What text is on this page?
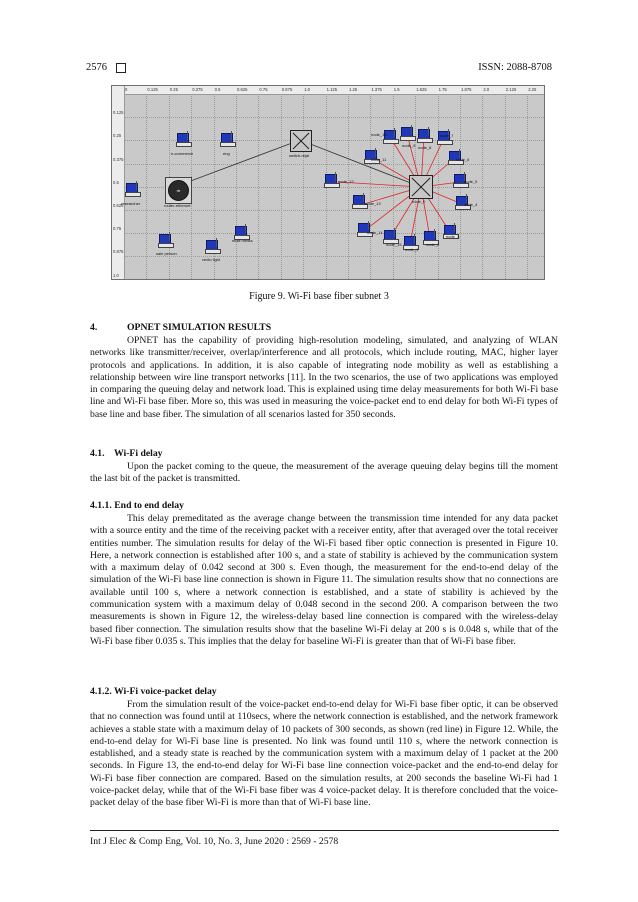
2576	ISSN: 2088-8708
0	0.125	0.25	0.375	0.5	0.625	0.75	0.875	1.0	1.125	1.25	1.375	1.5	1.625	1.75	1.875	2.0	2.125	2.25
0.125
0.25
0.375
0.5
0.625
0.75
0.875
1.0
e-commerce	eng
researcher
rtr
router-ethernet
sale person
vedio light
multi media
switch-rejal
node_0
node_10
node_9 node_8
node_7
node_11	node_6
node_12	node_5
node_13	node_4
node_14
node_3
node_15	node_2
node_1
Figure 9. Wi-Fi base fiber subnet 3
4.	OPNET SIMULATION RESULTS

OPNET has the capability of providing high-resolution modeling, simulated, and analyzing of WLAN networks like transmitter/receiver, overlap/interference and all protocols, which include routing, MAC, higher layer protocols and applications. In addition, it is also capable of integrating node mobility as well as establishing a relationship between wire line transport networks [11]. In the two scenarios, the use of two applications was employed in comparing the queuing delay and network load. This is explained using time delay measurements for both Wi-Fi base line and Wi-Fi base fiber. More so, this was used in measuring the voice-packet end to end delay for both Wi-Fi types of base line and base fiber. The simulation of all scenarios lasted for 350 seconds.

4.1. Wi-Fi delay

Upon the packet coming to the queue, the measurement of the average queuing delay begins till the moment the last bit of the packet is transmitted.

4.1.1. End to end delay

This delay premeditated as the average change between the transmission time intended for any data packet with a source entity and the time of the receiving packet with a receiver entity, after that averaged over the total receiver entities number. The simulation results for delay of the Wi-Fi based fiber optic connection is presented in Figure 10. Here, a network connection is established after 100 s, and a state of stability is achieved by the communication system with a maximum delay of 0.042 second at 300 s. Even though, the measurement for the end-to-end delay of the simulation of the Wi-Fi base line connection is shown in Figure 11. The simulation results show that no connections are available until 100 s, where a network connection is established, and a state of stability is achieved by the communication system with a maximum delay of 0.048 second in the second 200. A comparison between the two measurements is shown in Figure 12, the wireless-delay based line connection is compared with the wireless-delay based fiber connection. The simulation results show that the baseline Wi-Fi delay at 200 s is 0.048 s, while that of the Wi-Fi base fiber 0.035 s. This implies that the delay for baseline Wi-Fi is greater than that of Wi-Fi base fiber.

4.1.2. Wi-Fi voice-packet delay

From the simulation result of the voice-packet end-to-end delay for Wi-Fi base fiber optic, it can be observed that no connection was found until at 110secs, where the network connection is established, and the network framework achieves a stable state with a maximum delay of 10 packets of 300 seconds, as shown (red line) in Figure 12. While, the end-to-end delay for Wi-Fi base line is presented. No link was found until 110 s, where the network connection is established, and a steady state is reached by the communication system with a maximum delay of 1 packet at the 200 seconds. In Figure 13, the end-to-end delay for Wi-Fi base line connection voice-packet and the end-to-end delay for Wi-Fi base fiber connection are compared. Based on the simulation results, at 200 seconds the baseline Wi-Fi had 1 voice-packet delay, while that of the Wi-Fi base fiber was 4 voice-packet delay. It is therefore concluded that the voice-packet delay of the base fiber Wi-Fi is more than that of Wi-Fi base line.

Int J Elec & Comp Eng, Vol. 10, No. 3, June 2020 : 2569 - 2578
